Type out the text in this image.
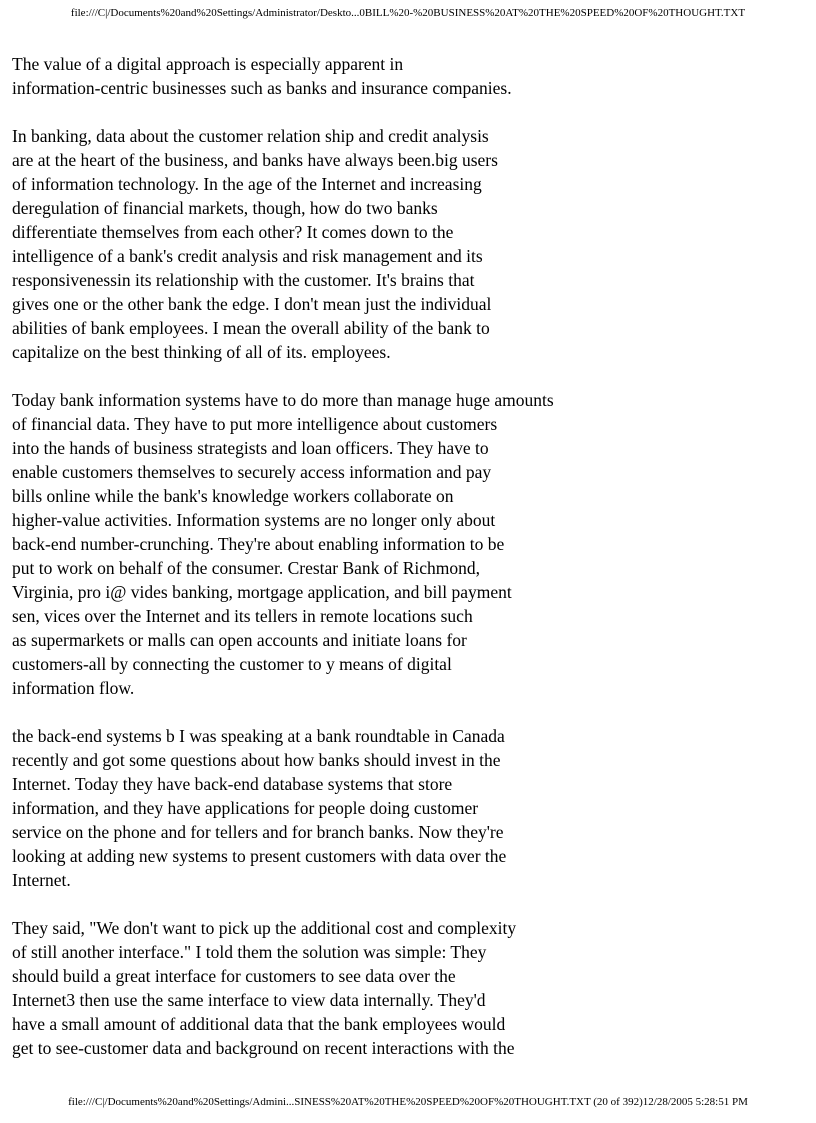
file:///C|/Documents%20and%20Settings/Administrator/Deskto...0BILL%20-%20BUSINESS%20AT%20THE%20SPEED%20OF%20THOUGHT.TXT
The value of a digital approach is especially apparent in
information-centric businesses such as banks and insurance companies.
In banking, data about the customer relation ship and credit analysis
are at the heart of the business, and banks have always been.big users
of information technology. In the age of the Internet and increasing
deregulation of financial markets, though, how do two banks
differentiate themselves from each other? It comes down to the
intelligence of a bank's credit analysis and risk management and its
responsivenessin its relationship with the customer. It's brains that
gives one or the other bank the edge. I don't mean just the individual
abilities of bank employees. I mean the overall ability of the bank to
capitalize on the best thinking of all of its. employees.
Today bank information systems have to do more than manage huge amounts
of financial data. They have to put more intelligence about customers
into the hands of business strategists and loan officers. They have to
enable customers themselves to securely access information and pay
bills online while the bank's knowledge workers collaborate on
higher-value activities. Information systems are no longer only about
back-end number-crunching. They're about enabling information to be
put to work on behalf of the consumer. Crestar Bank of Richmond,
Virginia, pro i@ vides banking, mortgage application, and bill payment
sen, vices over the Internet and its tellers in remote locations such
as supermarkets or malls can open accounts and initiate loans for
customers-all by connecting the customer to y means of digital
information flow.
the back-end systems b I was speaking at a bank roundtable in Canada
recently and got some questions about how banks should invest in the
Internet. Today they have back-end database systems that store
information, and they have applications for people doing customer
service on the phone and for tellers and for branch banks. Now they're
looking at adding new systems to present customers with data over the
Internet.
They said, "We don't want to pick up the additional cost and complexity
of still another interface." I told them the solution was simple: They
should build a great interface for customers to see data over the
Internet3 then use the same interface to view data internally. They'd
have a small amount of additional data that the bank employees would
get to see-customer data and background on recent interactions with the
file:///C|/Documents%20and%20Settings/Admini...SINESS%20AT%20THE%20SPEED%20OF%20THOUGHT.TXT (20 of 392)12/28/2005 5:28:51 PM
